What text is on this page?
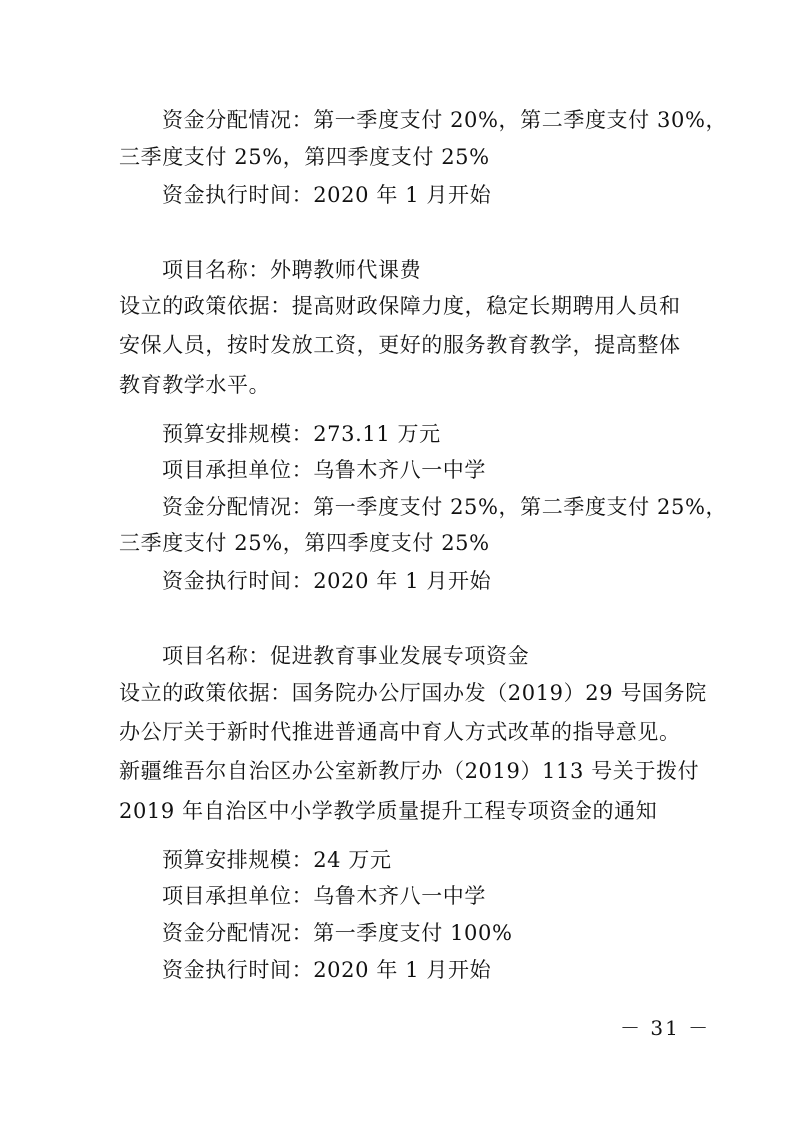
资金分配情况：第一季度支付 20%，第二季度支付 30%，
三季度支付 25%，第四季度支付 25%
资金执行时间：2020 年 1 月开始
项目名称：外聘教师代课费
设立的政策依据：提高财政保障力度，稳定长期聘用人员和
安保人员，按时发放工资，更好的服务教育教学，提高整体
教育教学水平。
预算安排规模：273.11 万元
项目承担单位：乌鲁木齐八一中学
资金分配情况：第一季度支付 25%，第二季度支付 25%，
三季度支付 25%，第四季度支付 25%
资金执行时间：2020 年 1 月开始
项目名称：促进教育事业发展专项资金
设立的政策依据：国务院办公厅国办发（2019）29 号国务院
办公厅关于新时代推进普通高中育人方式改革的指导意见。
新疆维吾尔自治区办公室新教厅办（2019）113 号关于拨付
2019 年自治区中小学教学质量提升工程专项资金的通知
预算安排规模：24 万元
项目承担单位：乌鲁木齐八一中学
资金分配情况：第一季度支付 100%
资金执行时间：2020 年 1 月开始
－ 31 －
